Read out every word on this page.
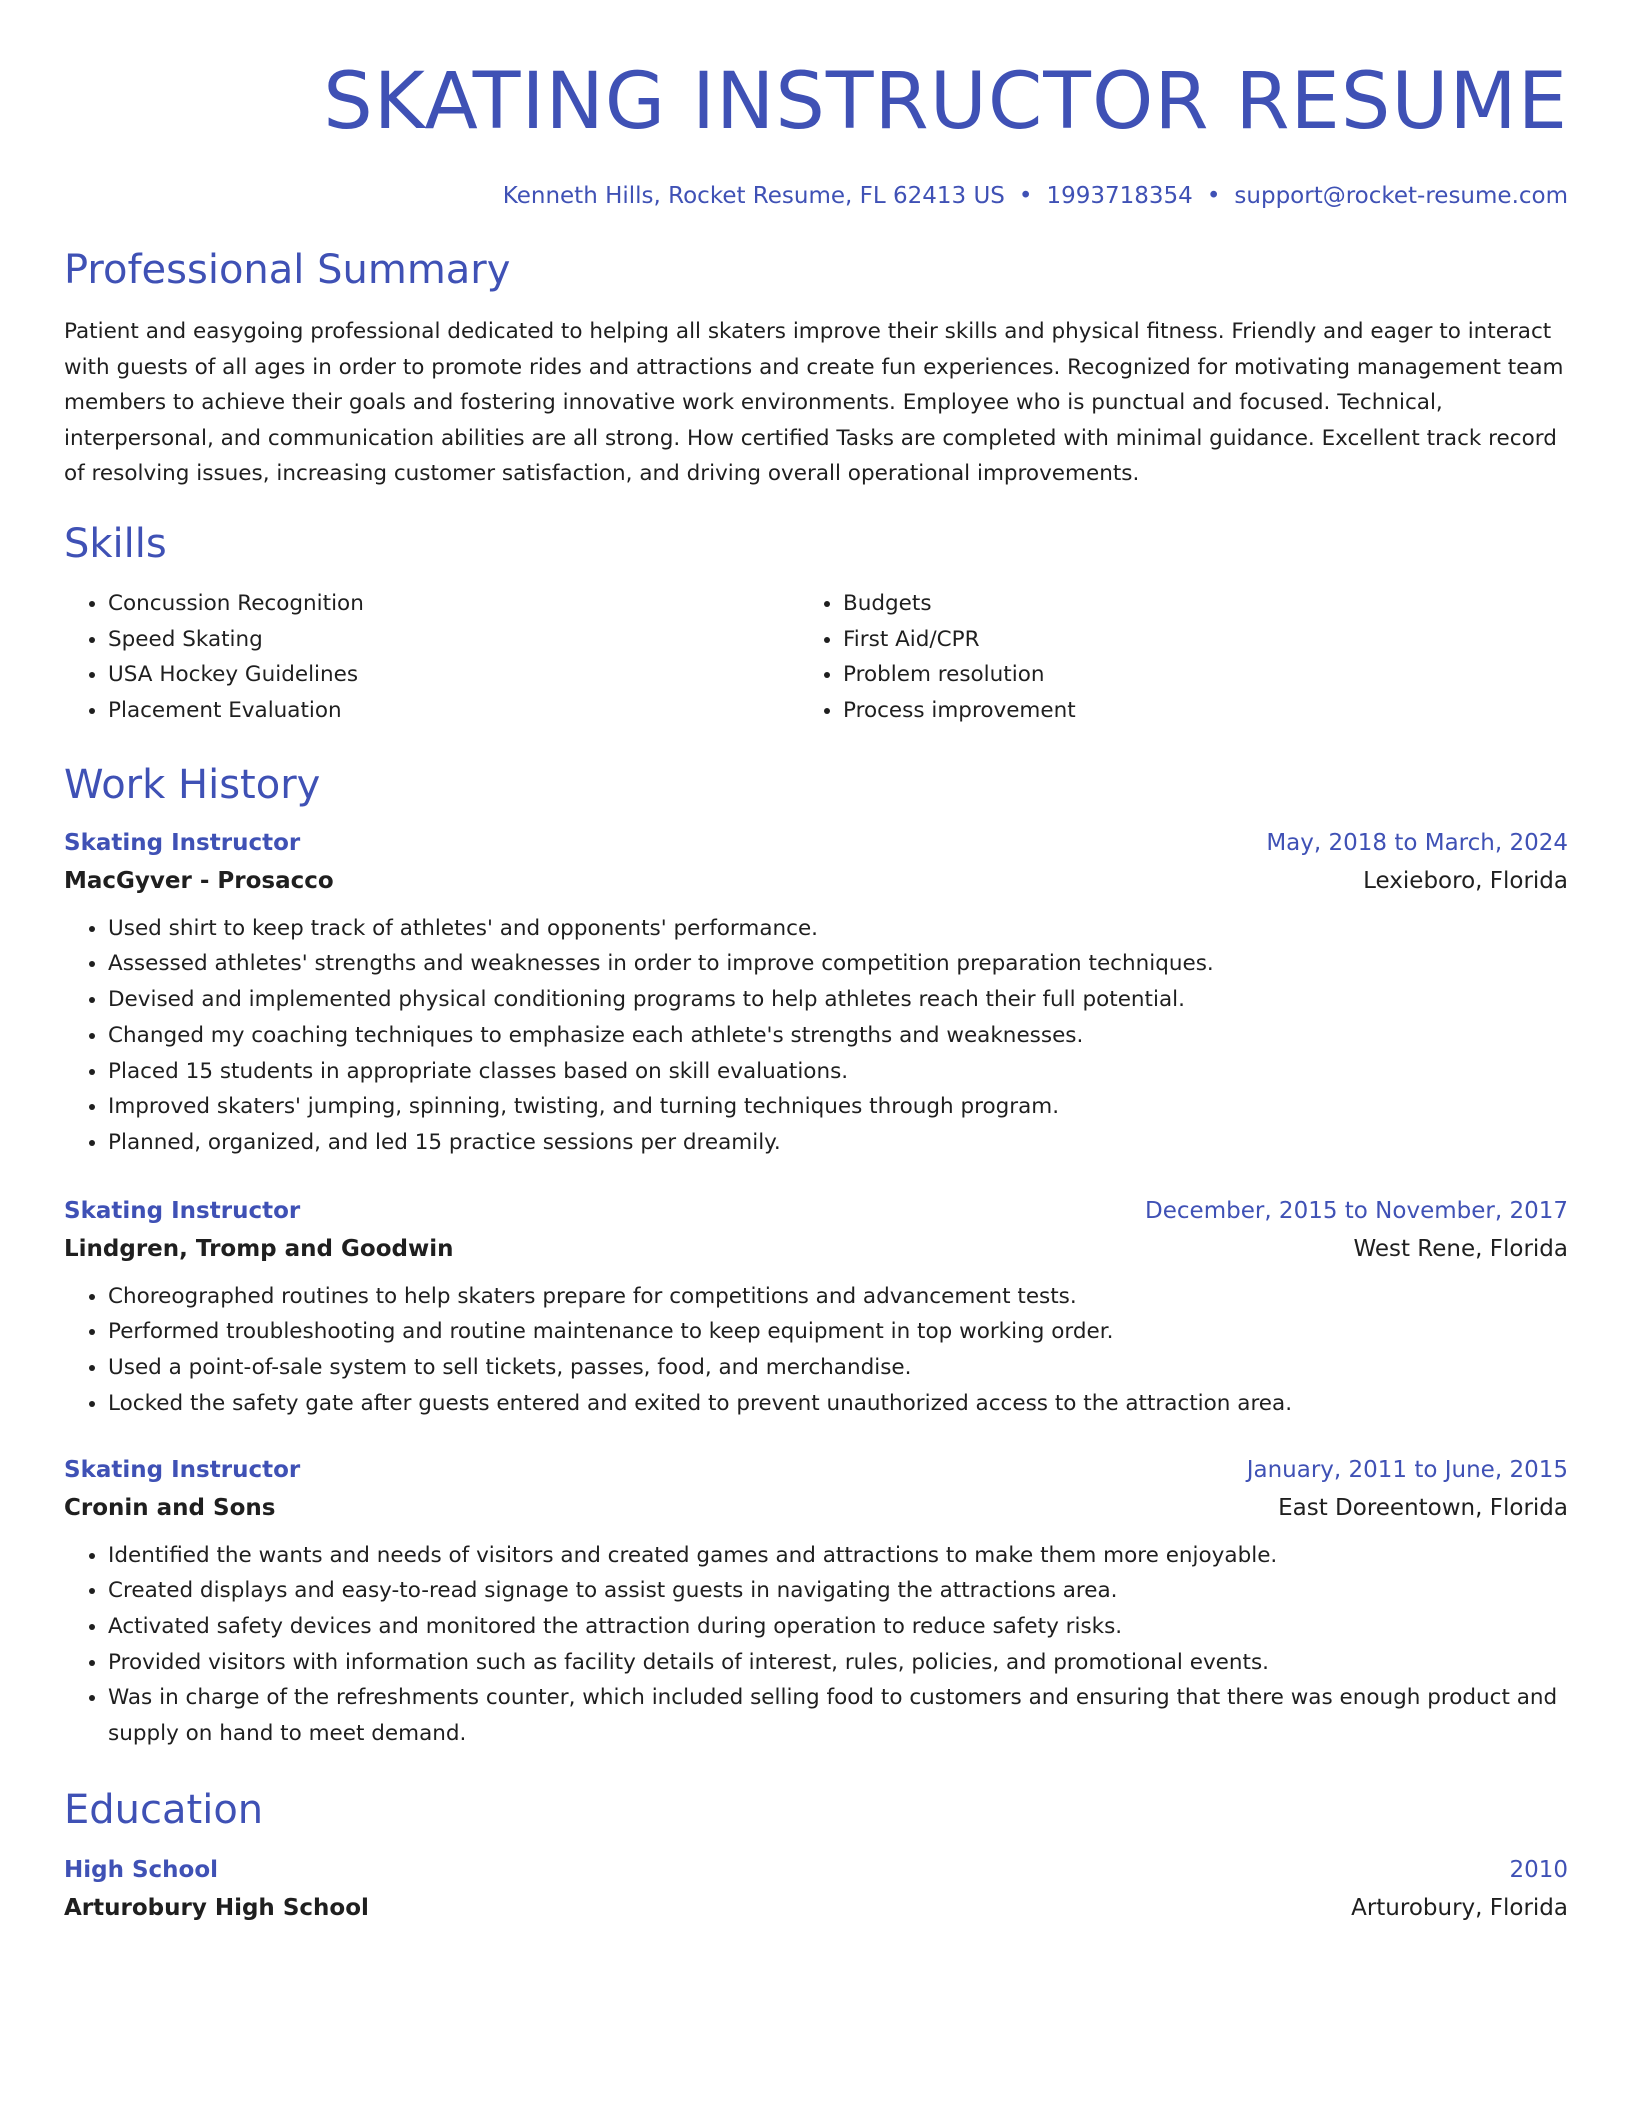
SKATING INSTRUCTOR RESUME
Kenneth Hills, Rocket Resume, FL 62413 US • 1993718354 • support@rocket-resume.com
Professional Summary

Patient and easygoing professional dedicated to helping all skaters improve their skills and physical fitness. Friendly and eager to interact with guests of all ages in order to promote rides and attractions and create fun experiences. Recognized for motivating management team members to achieve their goals and fostering innovative work environments. Employee who is punctual and focused. Technical, interpersonal, and communication abilities are all strong. How certified Tasks are completed with minimal guidance. Excellent track record of resolving issues, increasing customer satisfaction, and driving overall operational improvements.

Skills
• Concussion Recognition
• Speed Skating
• USA Hockey Guidelines
• Placement Evaluation
• Budgets
• First Aid/CPR
• Problem resolution
• Process improvement
Work History
Skating Instructor	May, 2018 to March, 2024
MacGyver - Prosacco	Lexieboro, Florida
• Used shirt to keep track of athletes' and opponents' performance.
• Assessed athletes' strengths and weaknesses in order to improve competition preparation techniques.
• Devised and implemented physical conditioning programs to help athletes reach their full potential.
• Changed my coaching techniques to emphasize each athlete's strengths and weaknesses.
• Placed 15 students in appropriate classes based on skill evaluations.
• Improved skaters' jumping, spinning, twisting, and turning techniques through program.
• Planned, organized, and led 15 practice sessions per dreamily.
Skating Instructor	December, 2015 to November, 2017
Lindgren, Tromp and Goodwin	West Rene, Florida
• Choreographed routines to help skaters prepare for competitions and advancement tests.
• Performed troubleshooting and routine maintenance to keep equipment in top working order.
• Used a point-of-sale system to sell tickets, passes, food, and merchandise.
• Locked the safety gate after guests entered and exited to prevent unauthorized access to the attraction area.
Skating Instructor	January, 2011 to June, 2015
Cronin and Sons	East Doreentown, Florida
• Identified the wants and needs of visitors and created games and attractions to make them more enjoyable.
• Created displays and easy-to-read signage to assist guests in navigating the attractions area.
• Activated safety devices and monitored the attraction during operation to reduce safety risks.
• Provided visitors with information such as facility details of interest, rules, policies, and promotional events.
• Was in charge of the refreshments counter, which included selling food to customers and ensuring that there was enough product and supply on hand to meet demand.
Education
High School	2010
Arturobury High School	Arturobury, Florida
